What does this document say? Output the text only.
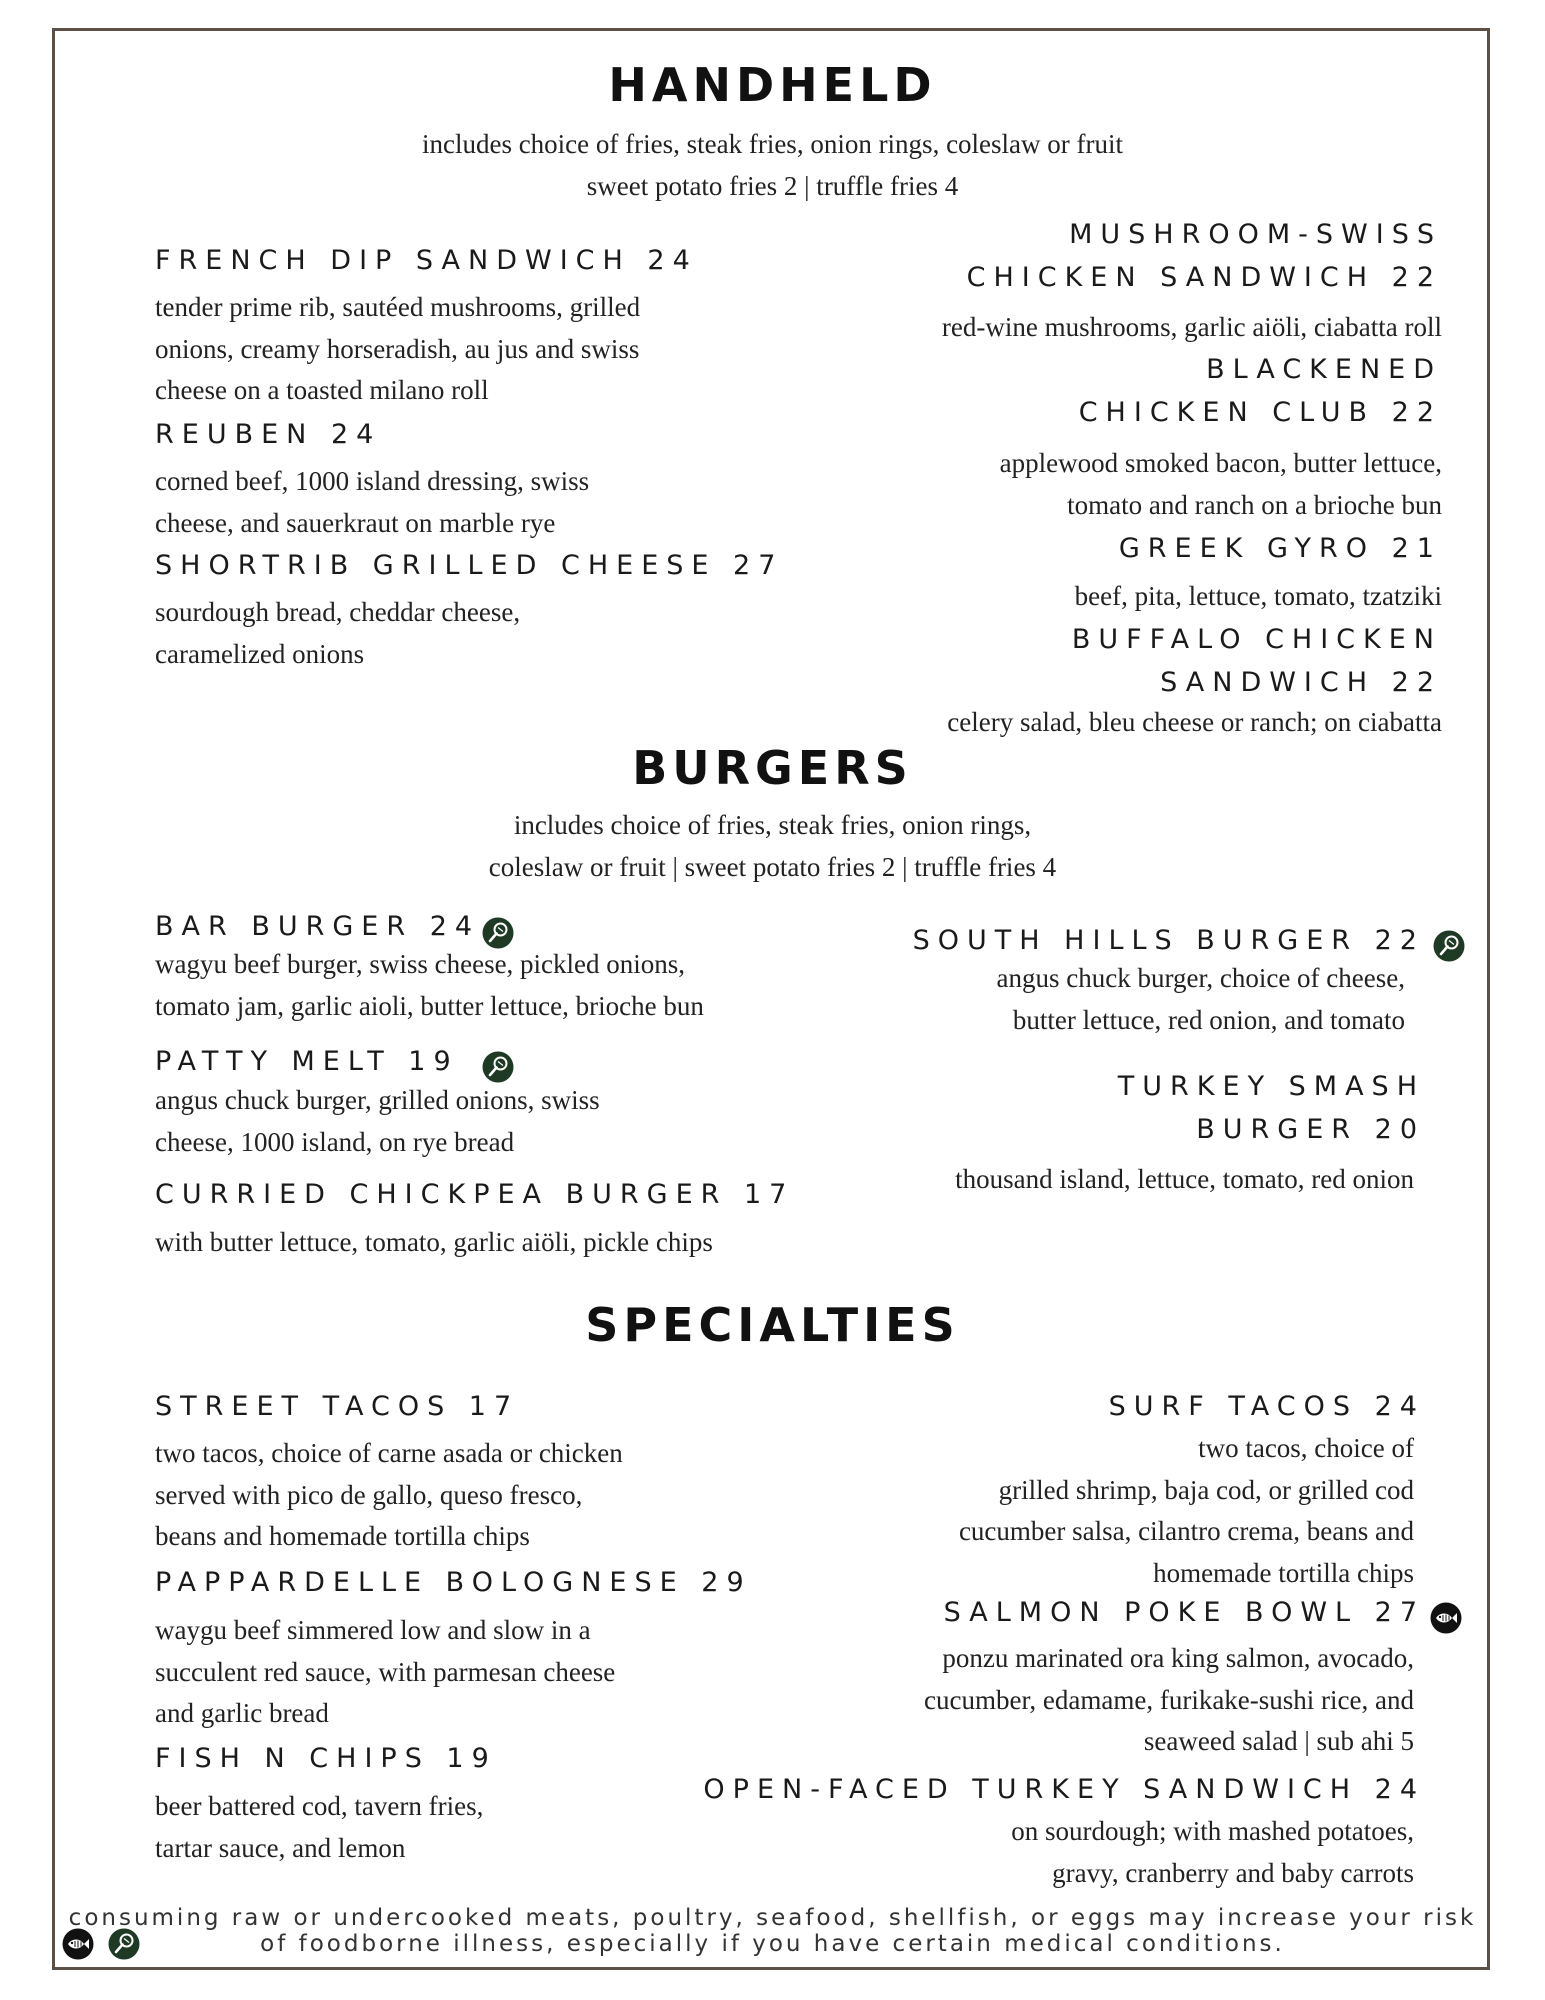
HANDHELD
includes choice of fries, steak fries, onion rings, coleslaw or fruit
sweet potato fries 2 | truffle fries 4
FRENCH DIP SANDWICH 24
tender prime rib, sautéed mushrooms, grilled
onions, creamy horseradish, au jus and swiss
cheese on a toasted milano roll
REUBEN 24
corned beef, 1000 island dressing, swiss
cheese, and sauerkraut on marble rye
SHORTRIB GRILLED CHEESE 27
sourdough bread, cheddar cheese,
caramelized onions
MUSHROOM-SWISS
CHICKEN SANDWICH 22
red-wine mushrooms, garlic aiöli, ciabatta roll
BLACKENED
CHICKEN CLUB 22
applewood smoked bacon, butter lettuce,
tomato and ranch on a brioche bun
GREEK GYRO 21
beef, pita, lettuce, tomato, tzatziki
BUFFALO CHICKEN
SANDWICH 22
celery salad, bleu cheese or ranch; on ciabatta
BURGERS
includes choice of fries, steak fries, onion rings,
coleslaw or fruit | sweet potato fries 2 | truffle fries 4
BAR BURGER 24
wagyu beef burger, swiss cheese, pickled onions,
tomato jam, garlic aioli, butter lettuce, brioche bun
PATTY MELT 19
angus chuck burger, grilled onions, swiss
cheese, 1000 island, on rye bread
CURRIED CHICKPEA BURGER 17
with butter lettuce, tomato, garlic aiöli, pickle chips
SOUTH HILLS BURGER 22
angus chuck burger, choice of cheese,
butter lettuce, red onion, and tomato
TURKEY SMASH
BURGER 20
thousand island, lettuce, tomato, red onion
SPECIALTIES
STREET TACOS 17
two tacos, choice of carne asada or chicken
served with pico de gallo, queso fresco,
beans and homemade tortilla chips
PAPPARDELLE BOLOGNESE 29
waygu beef simmered low and slow in a
succulent red sauce, with parmesan cheese
and garlic bread
FISH N CHIPS 19
beer battered cod, tavern fries,
tartar sauce, and lemon
SURF TACOS 24
two tacos, choice of
grilled shrimp, baja cod, or grilled cod
cucumber salsa, cilantro crema, beans and
homemade tortilla chips
SALMON POKE BOWL 27
ponzu marinated ora king salmon, avocado,
cucumber, edamame, furikake-sushi rice, and
seaweed salad | sub ahi 5
OPEN-FACED TURKEY SANDWICH 24
on sourdough; with mashed potatoes,
gravy, cranberry and baby carrots
consuming raw or undercooked meats, poultry, seafood, shellfish, or eggs may increase your risk
of foodborne illness, especially if you have certain medical conditions.
